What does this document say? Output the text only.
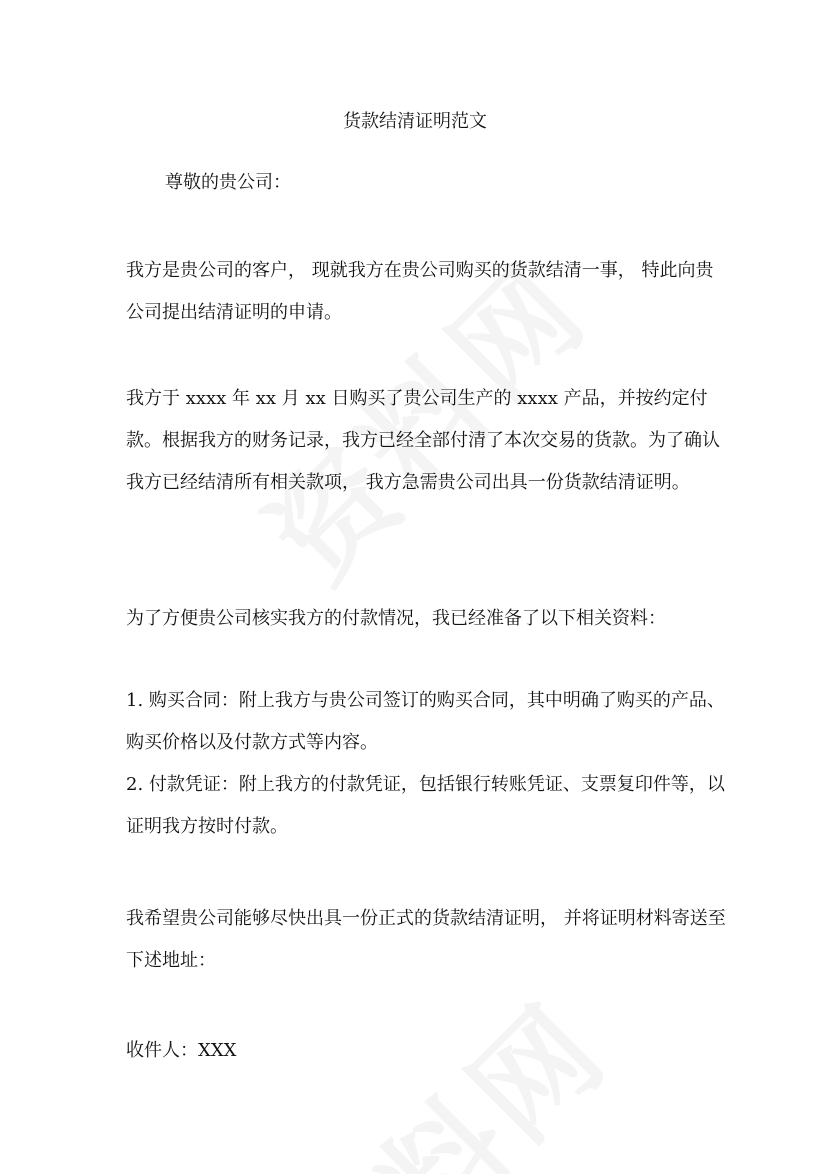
货款结清证明范文

尊敬的贵公司：

我方是贵公司的客户， 现就我方在贵公司购买的货款结清一事， 特此向贵公司提出结清证明的申请。

我方于 xxxx 年 xx 月 xx 日购买了贵公司生产的 xxxx 产品，并按约定付款。根据我方的财务记录，我方已经全部付清了本次交易的货款。为了确认我方已经结清所有相关款项， 我方急需贵公司出具一份货款结清证明。

为了方便贵公司核实我方的付款情况，我已经准备了以下相关资料：

1. 购买合同：附上我方与贵公司签订的购买合同，其中明确了购买的产品、购买价格以及付款方式等内容。
2. 付款凭证：附上我方的付款凭证，包括银行转账凭证、支票复印件等，以证明我方按时付款。

我希望贵公司能够尽快出具一份正式的货款结清证明， 并将证明材料寄送至下述地址：

收件人：XXX
